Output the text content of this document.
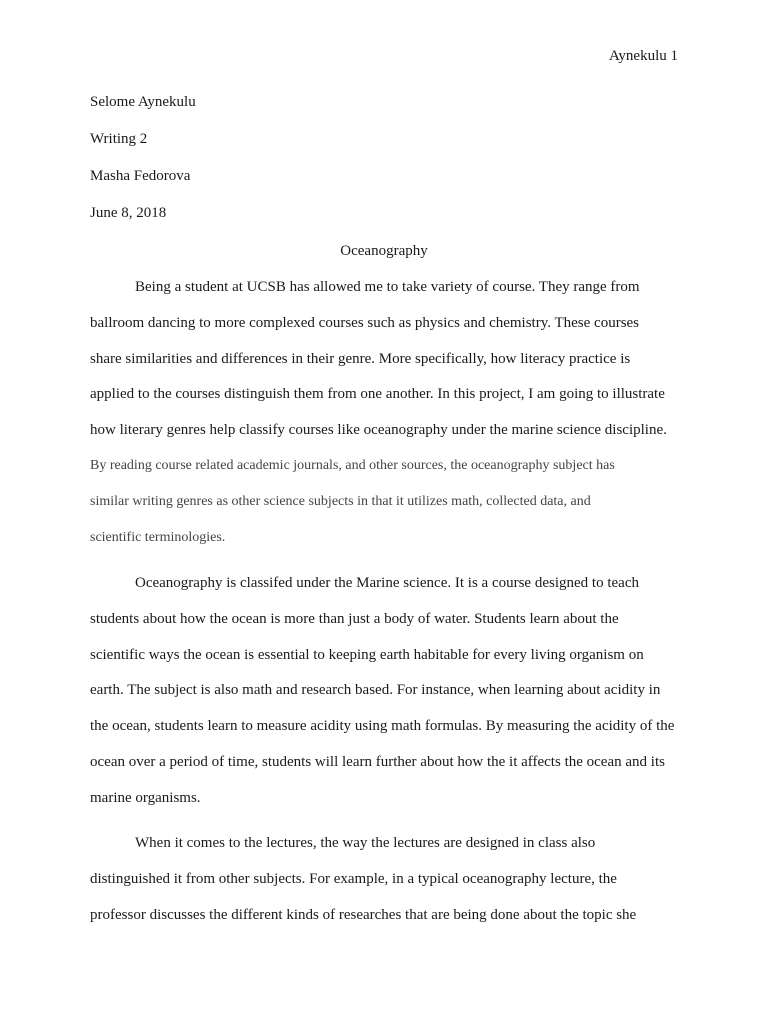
Aynekulu 1
Selome Aynekulu
Writing 2
Masha Fedorova
June 8, 2018
Oceanography
Being a student at UCSB has allowed me to take variety of course. They range from
ballroom dancing to more complexed courses such as physics and chemistry. These courses
share similarities and differences in their genre. More specifically, how literacy practice is
applied to the courses distinguish them from one another. In this project, I am going to illustrate
how literary genres help classify courses like oceanography under the marine science discipline.
By reading course related academic journals, and other sources, the oceanography subject has
similar writing genres as other science subjects in that it utilizes math, collected data, and
scientific terminologies.
Oceanography is classifed under the Marine science. It is a course designed to teach
students about how the ocean is more than just a body of water. Students learn about the
scientific ways the ocean is essential to keeping earth habitable for every living organism on
earth. The subject is also math and research based. For instance, when learning about acidity in
the ocean, students learn to measure acidity using math formulas. By measuring the acidity of the
ocean over a period of time, students will learn further about how the it affects the ocean and its
marine organisms.
When it comes to the lectures, the way the lectures are designed in class also
distinguished it from other subjects. For example, in a typical oceanography lecture, the
professor discusses the different kinds of researches that are being done about the topic she
